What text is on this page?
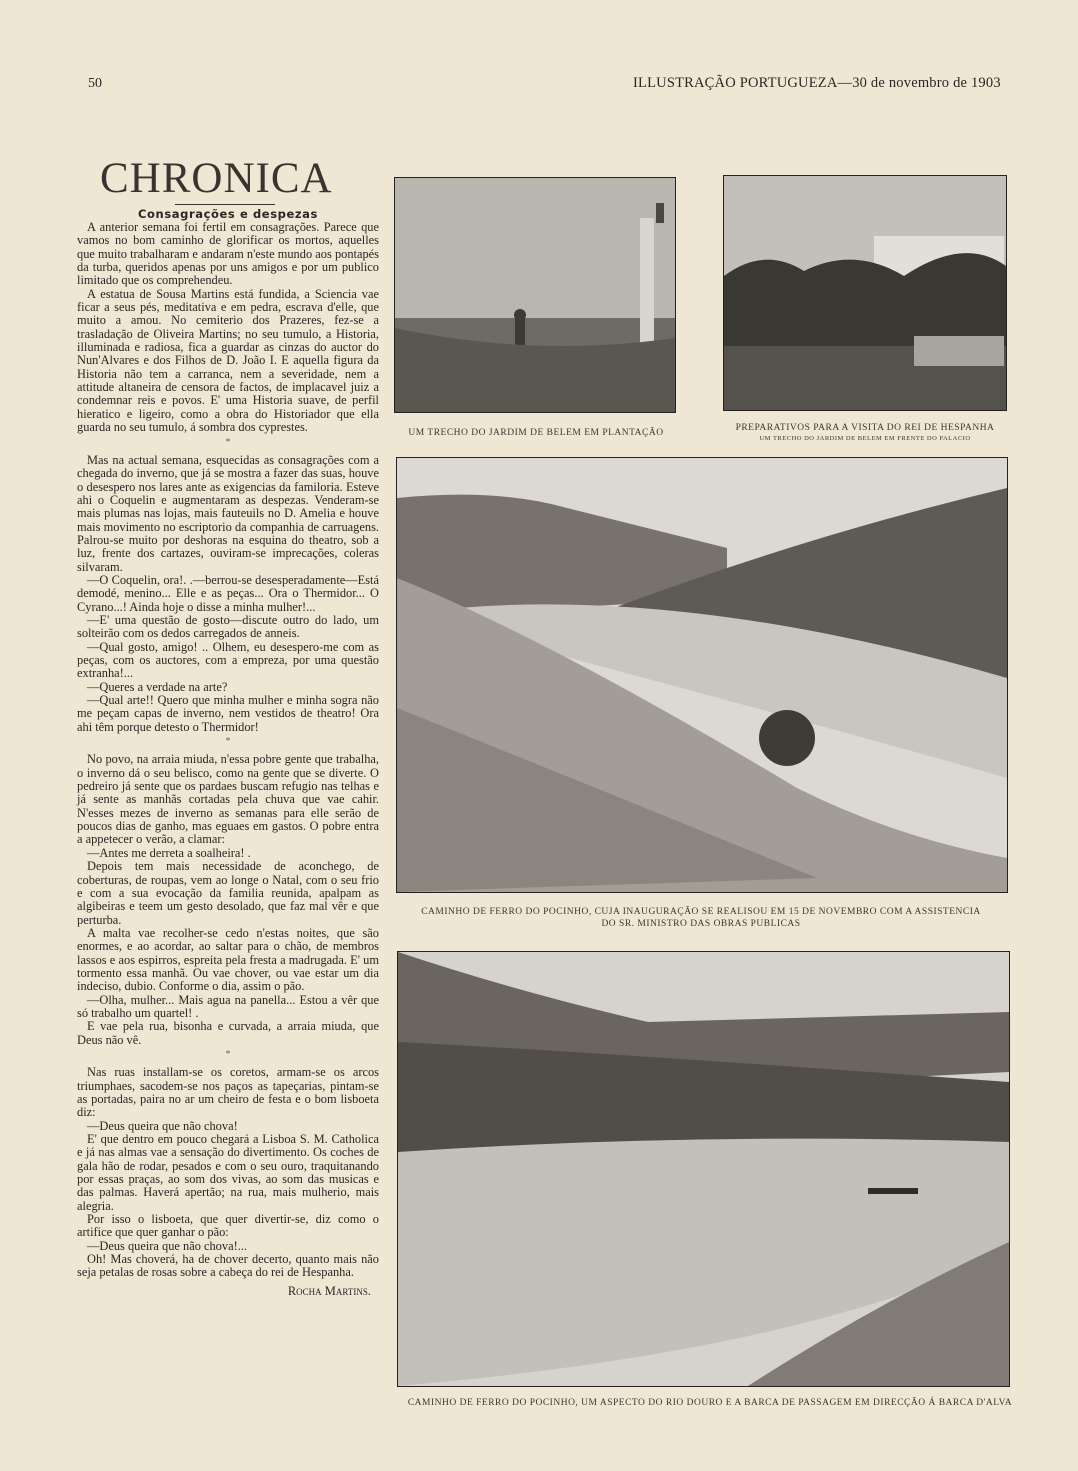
50	ILLUSTRAÇÃO PORTUGUEZA—30 de novembro de 1903
CHRONICA
Consagrações e despezas

A anterior semana foi fertil em consagrações. Parece que vamos no bom caminho de glorificar os mortos, aquelles que muito trabalharam e andaram n'este mundo aos pontapés da turba, queridos apenas por uns amigos e por um publico limitado que os comprehendeu.

A estatua de Sousa Martins está fundida, a Sciencia vae ficar a seus pés, meditativa e em pedra, escrava d'elle, que muito a amou. No cemiterio dos Prazeres, fez-se a trasladação de Oliveira Martins; no seu tumulo, a Historia, illuminada e radiosa, fica a guardar as cinzas do auctor do Nun'Alvares e dos Filhos de D. João I. E aquella figura da Historia não tem a carranca, nem a severidade, nem a attitude altaneira de censora de factos, de implacavel juiz a condemnar reis e povos. E' uma Historia suave, de perfil hieratico e ligeiro, como a obra do Historiador que ella guarda no seu tumulo, á sombra dos cyprestes.

*

Mas na actual semana, esquecidas as consagrações com a chegada do inverno, que já se mostra a fazer das suas, houve o desespero nos lares ante as exigencias da familoria. Esteve ahi o Coquelin e augmentaram as despezas. Venderam-se mais plumas nas lojas, mais fauteuils no D. Amelia e houve mais movimento no escriptorio da companhia de carruagens. Palrou-se muito por deshoras na esquina do theatro, sob a luz, frente dos cartazes, ouviram-se imprecações, coleras silvaram.

—O Coquelin, ora!. .—berrou-se desesperadamente—Está demodé, menino... Elle e as peças... Ora o Thermidor... O Cyrano...! Ainda hoje o disse a minha mulher!...

—E' uma questão de gosto—discute outro do lado, um solteirão com os dedos carregados de anneis.

—Qual gosto, amigo! .. Olhem, eu desespero-me com as peças, com os auctores, com a empreza, por uma questão extranha!...

—Queres a verdade na arte?

—Qual arte!! Quero que minha mulher e minha sogra não me peçam capas de inverno, nem vestidos de theatro! Ora ahi têm porque detesto o Thermidor!

*

No povo, na arraia miuda, n'essa pobre gente que trabalha, o inverno dá o seu belisco, como na gente que se diverte. O pedreiro já sente que os pardaes buscam refugio nas telhas e já sente as manhãs cortadas pela chuva que vae cahir. N'esses mezes de inverno as semanas para elle serão de poucos dias de ganho, mas eguaes em gastos. O pobre entra a appetecer o verão, a clamar:

—Antes me derreta a soalheira! .

Depois tem mais necessidade de aconchego, de coberturas, de roupas, vem ao longe o Natal, com o seu frio e com a sua evocação da familia reunida, apalpam as algibeiras e teem um gesto desolado, que faz mal vêr e que perturba.

A malta vae recolher-se cedo n'estas noites, que são enormes, e ao acordar, ao saltar para o chão, de membros lassos e aos espirros, espreita pela fresta a madrugada. E' um tormento essa manhã. Ou vae chover, ou vae estar um dia indeciso, dubio. Conforme o dia, assim o pão.

—Olha, mulher... Mais agua na panella... Estou a vêr que só trabalho um quartel! .

E vae pela rua, bisonha e curvada, a arraia miuda, que Deus não vê.

*

Nas ruas installam-se os coretos, armam-se os arcos triumphaes, sacodem-se nos paços as tapeçarias, pintam-se as portadas, paira no ar um cheiro de festa e o bom lisboeta diz:

—Deus queira que não chova!

E' que dentro em pouco chegará a Lisboa S. M. Catholica e já nas almas vae a sensação do divertimento. Os coches de gala hão de rodar, pesados e com o seu ouro, traquitanando por essas praças, ao som dos vivas, ao som das musicas e das palmas. Haverá apertão; na rua, mais mulherio, mais alegria.

Por isso o lisboeta, que quer divertir-se, diz como o artifice que quer ganhar o pão:

—Deus queira que não chova!...

Oh! Mas choverá, ha de chover decerto, quanto mais não seja petalas de rosas sobre a cabeça do rei de Hespanha.

Rocha Martins.

UM TRECHO DO JARDIM DE BELEM EM PLANTAÇÃO	PREPARATIVOS PARA A VISITA DO REI DE HESPANHA
UM TRECHO DO JARDIM DE BELEM EM FRENTE DO PALACIO
CAMINHO DE FERRO DO POCINHO, CUJA INAUGURAÇÃO SE REALISOU EM 15 DE NOVEMBRO COM A ASSISTENCIA
DO SR. MINISTRO DAS OBRAS PUBLICAS
CAMINHO DE FERRO DO POCINHO, UM ASPECTO DO RIO DOURO E A BARCA DE PASSAGEM EM DIRECÇÃO Á BARCA D'ALVA
